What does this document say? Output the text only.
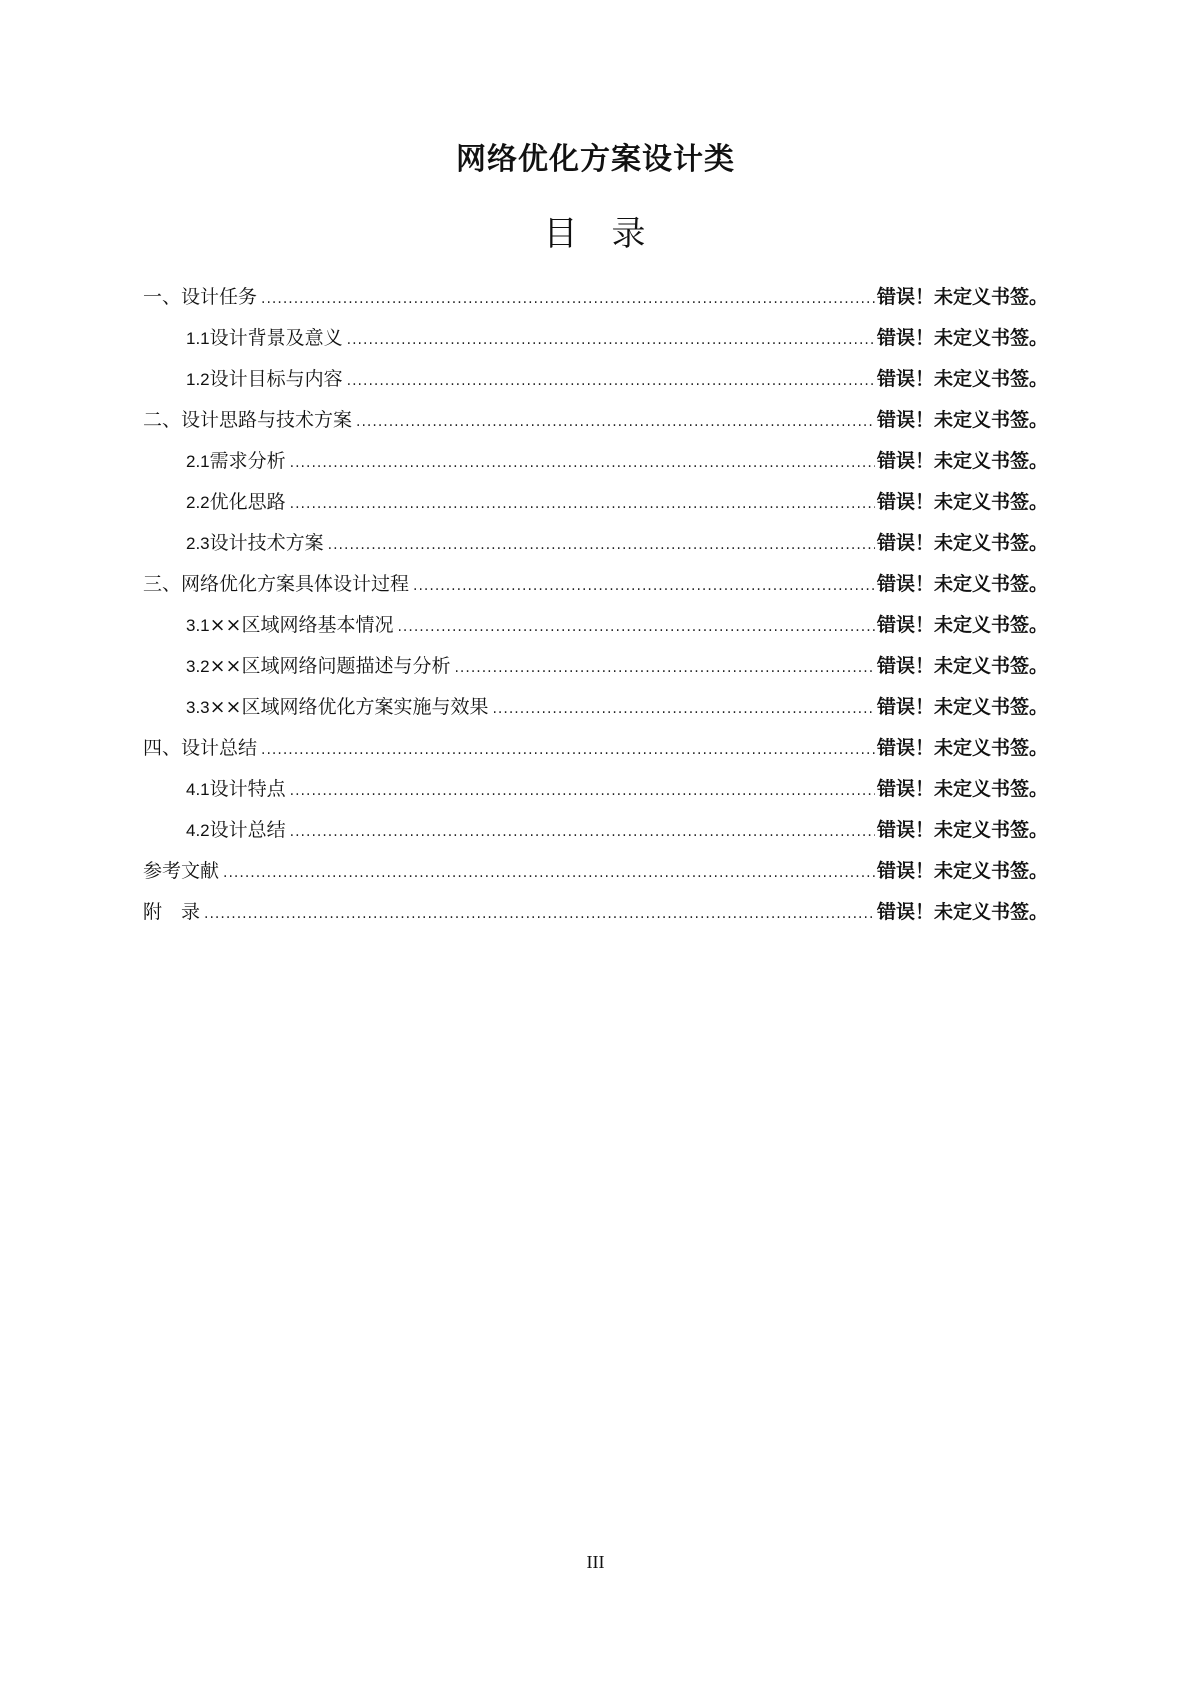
网络优化方案设计类
目 录
一、 设计任务 .....	错误！未定义书签。
1.1 设计背景及意义 .....	错误！未定义书签。
1.2 设计目标与内容 .....	错误！未定义书签。
二、 设计思路与技术方案 .....	错误！未定义书签。
2.1 需求分析 .....	错误！未定义书签。
2.2 优化思路 .....	错误！未定义书签。
2.3 设计技术方案 .....	错误！未定义书签。
三、 网络优化方案具体设计过程 .....	错误！未定义书签。
3.1 ××区域网络基本情况 .....	错误！未定义书签。
3.2 ××区域网络问题描述与分析 .....	错误！未定义书签。
3.3 ××区域网络优化方案实施与效果 .....	错误！未定义书签。
四、 设计总结 .....	错误！未定义书签。
4.1 设计特点 .....	错误！未定义书签。
4.2 设计总结 .....	错误！未定义书签。
参考文献 .....	错误！未定义书签。
附　录 .....	错误！未定义书签。
III
